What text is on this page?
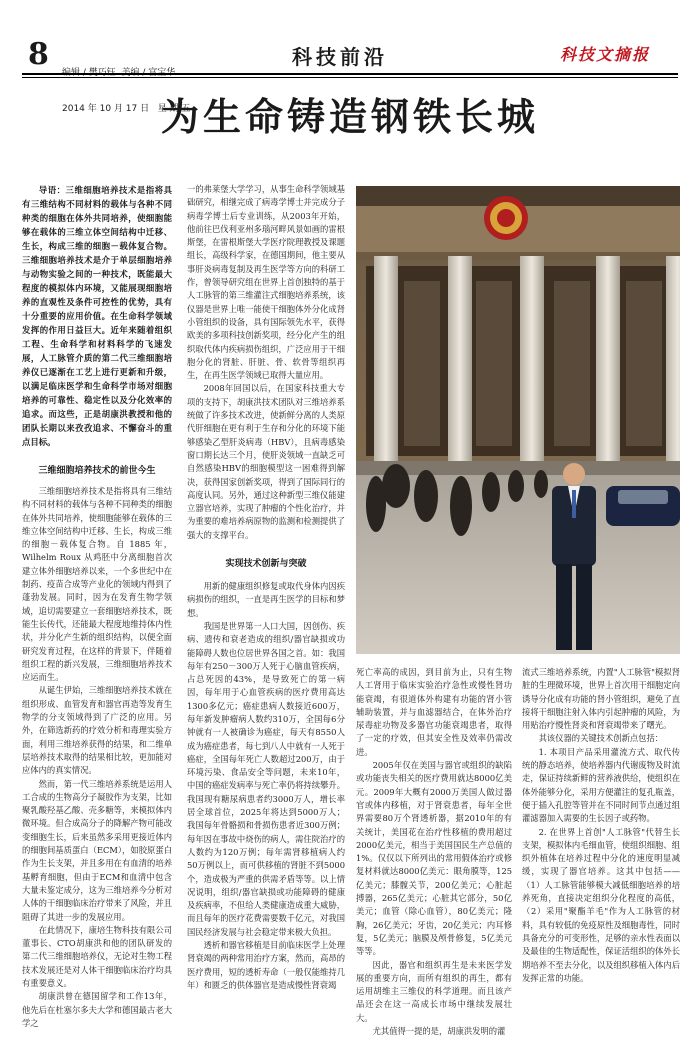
8

2014 年 10 月 17 日   星 期 五

科技前沿	科技文摘报
为生命铸造钢铁长城
导语：三维细胞培养技术是指将具有三维结构不同材料的载体与各种不同种类的细胞在体外共同培养，使细胞能够在载体的三维立体空间结构中迁移、生长，构成三维的细胞－载体复合物。三维细胞培养技术是介于单层细胞培养与动物实验之间的一种技术，既能最大程度的模拟体内环境，又能展现细胞培养的直观性及条件可控性的优势，具有十分重要的应用价值。在生命科学领域发挥的作用日益巨大。近年来随着组织工程、生命科学和材料科学的飞速发展，人工脉管介质的第二代三维细胞培养仪已逐渐在工艺上进行更新和升级，以满足临床医学和生命科学市场对细胞培养的可靠性、稳定性以及分化效率的追求。而这些，正是胡康洪教授和他的团队长期以来孜孜追求、不懈奋斗的重点目标。
三维细胞培养技术的前世今生

三维细胞培养技术是指将具有三维结构不同材料的载体与各种不同种类的细胞在体外共同培养，使细胞能够在载体的三维立体空间结构中迁移、生长，构成三维的细胞－载体复合物。自 1885 年，Wilhelm Roux 从鸡胚中分离细胞首次建立体外细胞培养以来，一个多世纪中在制药、疫苗合成等产业化的领域内得到了蓬勃发展。同时，因为在发育生物学领域，追切需要建立一套细胞培养技术，既能生长传代，还能最大程度地维持体内性状，并分化产生新的组织结构，以便全面研究发育过程，在这样的背景下，伴随着组织工程的新兴发展，三维细胞培养技术应运而生。

从诞生伊始，三维细胞培养技术就在组织形成、血管发育和器官再造等发育生物学的分支领域得到了广泛的应用。另外，在筛选新药的疗效分析和毒理实验方面，利用三维培养获得的结果，和二维单层培养技术取得的结果相比较，更加能对应体内的真实情况。

然而，第一代三维培养系统是运用人工合成的生物高分子凝胶作为支架，比如聚乳酸羟基乙酸、壳多糖等，来模拟体内微环境。但合成高分子的降解产物可能改变细胞生长，后来虽然多采用更接近体内的细胞间基质蛋白（ECM），如胶原蛋白作为生长支架，并且多用在有血清的培养基孵育细胞，但由于ECM和血清中包含大量未鉴定成分，这为三维培养今分析对人体的干细胞临床治疗带来了风险，并且阻碍了其进一步的发展应用。

在此情况下，康培生物科技有限公司董事长、CTO胡康洪和他的团队研发的第二代三维细胞培养仪，无论对生物工程技术发展还是对人体干细胞临床治疗均具有重要意义。

胡康洪曾在德国留学和工作13年，他先后在杜塞尔多夫大学和德国最古老大学之

一的弗莱堡大学学习，从事生命科学领域基础研究，相继完成了病毒学博士并完成分子病毒学博士后专业训练，从2003年开始，他前往巴伐利亚州多瑙河畔风景如画的雷根斯堡，在雷根斯堡大学医疗院理教授及课题组长，高级科学家，在德国期间，他主要从事肝炎病毒复制及再生医学等方向的科研工作，曾领导研究组在世界上首创独特的基于人工脉管的第三维灌注式细胞培养系统，该仪器是世界上唯一能使干细胞体外分化成肾小管组织的设备，具有国际领先水平，获得欧美的多项科技创新奖项，经分化产生的组织取代体内疾病损伤组织，广泛应用于干细胞分化的肾脏、肝脏、骨、软骨等组织再生，在再生医学领域已取得大量应用。

2008年回国以后，在国家科技重大专项的支持下，胡康洪技术团队对三维培养系统做了许多技术改进，使新鲜分离的人类原代肝细胞在更有利于生存和分化的环境下能够感染乙型肝炎病毒（HBV），且病毒感染窗口期长达三个月，使肝炎领域一直缺乏可自然感染HBV的细胞模型这一困难得到解决，获得国家创新奖项，得到了国际同行的高度认同。另外，通过这种新型三维仪能建立器官培养，实现了肿瘤的个性化治疗，并为重要的难培养病原物的监测和检测提供了强大的支撑平台。

实现技术创新与突破

用新的健康组织修复或取代身体内因疾病损伤的组织，一直是再生医学的目标和梦想。

我国是世界第一人口大国，因创伤、疾病、遗传和衰老造成的组织/器官缺损或功能障碍人数也位居世界各国之首。如：我国每年有250－300万人死于心脑血管疾病，占总死因的43%，是导致死亡的第一病因，每年用于心血管疾病的医疗费用高达1300多亿元；癌症患病人数接近600万，每年新发肿瘤病人数约310万，全国每6分钟就有一人被确诊为癌症，每天有8550人成为癌症患者，每七到八人中就有一人死于癌症，全国每年死亡人数超过200万，由于环境污染、食品安全等问题，未来10年，中国的癌症发病率与死亡率仍将持续攀升。我国现有糖尿病患者约3000万人，增长率居全球首位，2025年将达到5000万人；我国每年骨骼损和骨损伤患者近300万例；每年因在事故中烧伤的病人，需住院治疗的人数约为120万例；每年需肾移植病人约50万例以上，而可供移植的肾脏不到5000个，造成极为严重的供需矛盾等等。以上情况说明，组织/器官缺损或功能障碍的健康及疾病率，不但给人类健康造成重大威胁，而且每年的医疗花费需要数千亿元，对我国国民经济发展与社会稳定带来极大负担。

透析和器官移植是目前临床医学上处理肾衰竭的两种常用治疗方案，然而，高昂的医疗费用，短的透析寿命（一般仅能维持几年）和匮乏的供体器官是造成慢性肾衰竭

死亡率高的成因，到目前为止，只有生物人工肾用于临床实验治疗急性或慢性肾功能衰竭，有很道体外构建有功能的肾小管辅助装置，并与血滤器结合，在体外治疗尿毒症功物及多器官功能衰竭患者，取得了一定的疗效，但其安全性及效率仍需改进。

2005年仅在美国与器官或组织的缺陷或功能丧失相关的医疗费用就达8000亿美元。2009年大概有2000万美国人做过器官或体内移植，对于肾衰患者，每年全世界需要80万个肾透析器，据2010年的有关统计，美国花在治疗性移植的费用超过2000亿美元，相当于美国国民生产总值的1%。仅仅以下所列出的常用假体治疗或修复材料就达8000亿美元：眼角膜等，125亿美元；膝髋关节，200亿美元；心脏起搏器，265亿美元；心脏其它部分，50亿美元；血管（除心血管），80亿美元；隆胸，26亿美元；牙齿，20亿美元；内耳修复，5亿美元；脑膜及颅骨修复，5亿美元等等。

因此，器官和组织再生是未来医学发展的重要方向，而所有组织的再生，都有运用胡维主三维仪的科学道理。而且该产品还会在这一高成长市场中继续发展壮大。

尤其值得一提的是，胡康洪发明的灌

流式三维培养系统，内置"人工脉管"模拟肾脏的生理微环境，世界上首次用干细胞定向诱导分化成有功能的肾小管组织，避免了直接将干细胞注射入体内引起肿瘤的风险，为用贴治疗慢性肾炎和肾衰竭带来了曙光。

其该仪器的关键技术创新点包括：

1. 本项目产品采用灌流方式、取代传统的静态培养，使培养器内代谢废物及时流走，保证持续新鲜的营养液供给，使组织在体外能够分化，采用方便灌注的复孔瓶盖，便于插入孔腔等管并在不同时间节点通过组灌滤器加入需要的生长因子或药物。

2. 在世界上首创"人工脉管"代替生长支架，模拟体内毛细血管，使组织细胞、组织外植体在培养过程中分化的速度明显减缓，实现了器官培养。这其中包括——（1）人工脉管能够模大减低细胞培养的培养死角，直接决定组织分化程度的高低，（2）采用"聚酯羊毛"作为人工脉管的材料，具有较低的免疫原性及细胞毒性，同时具备充分的可变形性，足够的亲水性表面以及最佳的生物适配性，保证活组织的体外长期培养不至去分化，以及组织移植入体内后发挥正常的功能。
